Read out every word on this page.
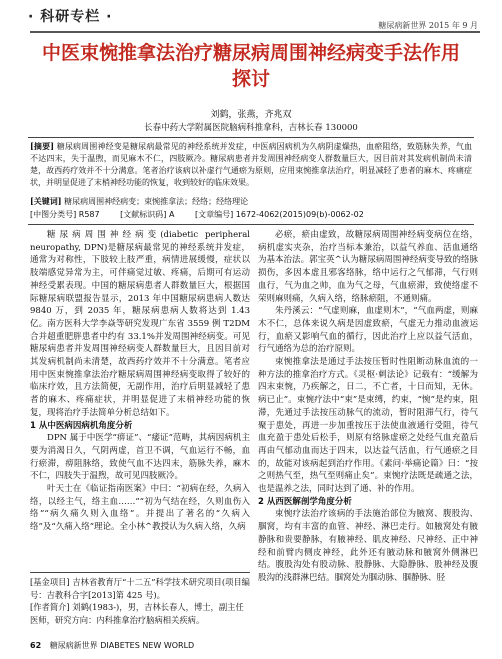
· 科研专栏 ·
糖尿病新世界 2015 年 9 月
中医束惋推拿法治疗糖尿病周围神经病变手法作用
探讨
刘鹤，张燕，齐兆双
长春中药大学附属医院脑病科推拿科，吉林长春 130000
[摘要] 糖尿病周围神经变是糖尿病最常见的神经系统并发症，中医病因病机为久病阴虚燥热，血瘀阻络，致筋脉失养，气血不达四末，失于温煦，而见麻木不仁，四肢厥冷。糖尿病患者并发周围神经病变人群数量巨大，因目前对其发病机制尚未清楚，故西药疗效并不十分满意。笔者治疗该病以补虚行气通瘀为原则，应用束惋推拿法治疗，明显减轻了患者的麻木、疼痛症状，并明显促进了末梢神经功能的恢复，收到较好的临床效果。
[关键词] 糖尿病周围神经病变；束惋推拿法；经络；经络理论
[中图分类号] R587	[文献标识码] A	[文章编号] 1672-4062(2015)09(b)-0062-02

糖尿病周围神经病变(diabetic peripheral neuropathy, DPN)是糖尿病最常见的神经系统并发症，通常为对称性，下肢较上肢严重，病情进展缓慢，症状以肢端感觉异常为主，可伴痛觉过敏、疼痛，后期可有运动神经受累表现。中国的糖尿病患者人群数量巨大，根据国际糖尿病联盟报告显示，2013 年中国糖尿病患病人数达 9840 万，到 2035 年，糖尿病患病人数将达到 1.43 亿。南方医科大学李焱等研究发现广东省 3559 例 T2DM 合并超重肥胖患者中约有 33.1%并发周围神经病变。可见糖尿病患者并发周围神经病变人群数量巨大，且因目前对其发病机制尚未清楚，故西药疗效并不十分满意。笔者应用中医束惋推拿法治疗糖尿病周围神经病变取得了较好的临床疗效，且方法简便，无副作用，治疗后明显减轻了患者的麻木、疼痛症状，并明显促进了末梢神经功能的恢复，现将治疗手法简单分析总结如下。

1 从中医病因病机角度分析

DPN 属于中医学“痹证”、“痿证”范畴，其病因病机主要为消渴日久，气阴两虚，首卫不调，气血运行不畅，血行瘀滞，痹阻脉络，致使气血不达四末，筋脉失养，麻木不仁，四肢失于温煦，故可见四肢厥冷。

叶天士在《临证指南医案》中曰：“初病在经，久病入络，以经主气，络主血……”“初为气结在经，久则血伤入络”“病久痛久则入血络”。并提出了著名的“久病入络”及“久痛入络”理论。全小林^教授认为久病入络，久病

必瘀，瘀由虚致，故糖尿病周围神经病变病位在络，病机虚实夹杂，治疗当标本兼治，以益气养血、活血通络为基本治法。郭宝英^认为糖尿病周围神经病变导致的络脉损伤，多因本虚且邪客络脉，络中运行之气郁滞，气行则血行，气为血之帅，血为气之母，气血瘀滞，致使络虚不荣则麻则痛，久病入络，络脉瘀阻，不通则痛。

朱丹溪云：“气虚则麻，血虚则木”，“气血两虚，则麻木不仁，总体来说久病是因虚致瘀，气虚无力推动血液运行，血瘀又影响气血的循行，因此治疗上应以益气活血，行气通络为总的治疗原则。

束惋推拿法是通过手法按压暂时性阻断动脉血流的一种方法的推拿治疗方式。《灵枢·刺法论》记载有：“缓解为四末束惋，乃疾解之，日二，不亡者，十日而知，无休。病已止”。束惋疗法中“束”是束缚，约束，“惋”是约束，阻滞，先通过手法按压动脉气的流动，暂时阻滞气行，待气聚于患处，再进一步加重按压于法使血液通行受阻，待气血充盈于患处后松手，则原有络脉虚瘀之处经气血充盈后再由气郁动血而达于四末，以达益气活血，行气通瘀之目的，故能对该病起到治疗作用。《素问·举痛论篇》曰：“按之则热气至，热气至则痛止矣”。束惋疗法既是疏通之法，也是温养之法，同时达到了通、补的作用。

2 从西医解剖学角度分析

束惋疗法治疗该病的手法施治部位为腋窝、腹股沟、腘窝，均有丰富的血管、神经、淋巴走行。如腋窝处有腋静脉和贵要静脉，有腋神经、肌皮神经、尺神经、正中神经和前臂内侧皮神经，此外还有腋动脉和腋窝外侧淋巴结。腹股沟处有股动脉、股静脉、大隐静脉、股神经及腹股沟的浅群淋巴结。腘窝处为腘动脉、腘静脉、胫

[基金项目] 吉林省教育厅“十二五”科学技术研究项目(项目编号：吉教科合字[2013]第 425 号)。
[作者简介] 刘鹤(1983-)，男，吉林长春人，博士，副主任医师，研究方向：内科推拿治疗脑病相关疾病。
62 糖尿病新世界 DIABETES NEW WORLD
